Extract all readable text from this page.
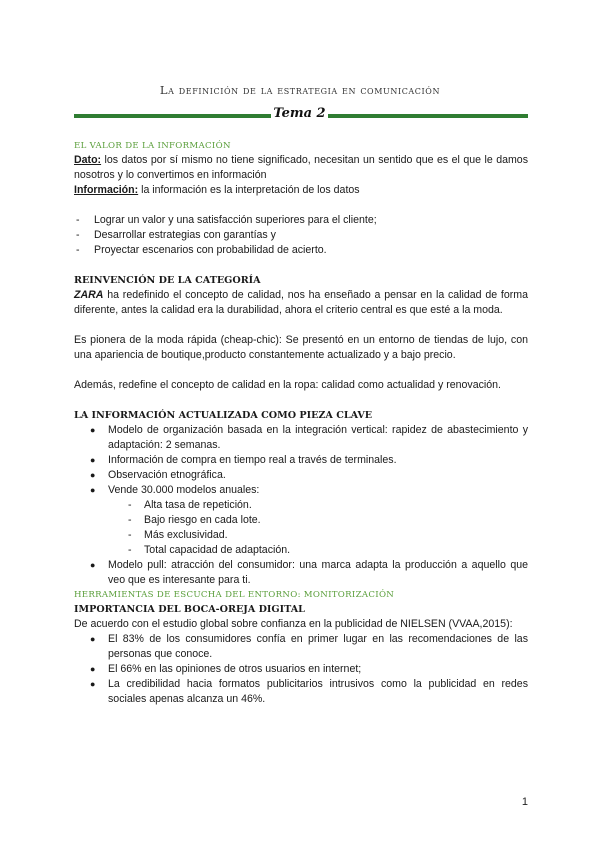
La definición de la estrategia en comunicación
Tema 2
EL VALOR DE LA INFORMACIÓN

Dato: los datos por sí mismo no tiene significado, necesitan un sentido que es el que le damos nosotros y lo convertimos en información

Información: la información es la interpretación de los datos

- Lograr un valor y una satisfacción superiores para el cliente;
- Desarrollar estrategias con garantías y
- Proyectar escenarios con probabilidad de acierto.
REINVENCIÓN DE LA CATEGORÍA

ZARA ha redefinido el concepto de calidad, nos ha enseñado a pensar en la calidad de forma diferente, antes la calidad era la durabilidad, ahora el criterio central es que esté a la moda.

Es pionera de la moda rápida (cheap-chic): Se presentó en un entorno de tiendas de lujo, con una apariencia de boutique,producto constantemente actualizado y a bajo precio.

Además, redefine el concepto de calidad en la ropa: calidad como actualidad y renovación.

LA INFORMACIÓN ACTUALIZADA COMO PIEZA CLAVE
● Modelo de organización basada en la integración vertical: rapidez de abastecimiento y adaptación: 2 semanas.
● Información de compra en tiempo real a través de terminales.
● Observación etnográfica.
● Vende 30.000 modelos anuales:
- Alta tasa de repetición.
- Bajo riesgo en cada lote.
- Más exclusividad.
- Total capacidad de adaptación.
● Modelo pull: atracción del consumidor: una marca adapta la producción a aquello que veo que es interesante para ti.
HERRAMIENTAS DE ESCUCHA DEL ENTORNO: MONITORIZACIÓN
IMPORTANCIA DEL BOCA-OREJA DIGITAL

De acuerdo con el estudio global sobre confianza en la publicidad de NIELSEN (VVAA,2015):

● El 83% de los consumidores confía en primer lugar en las recomendaciones de las personas que conoce.
● El 66% en las opiniones de otros usuarios en internet;
● La credibilidad hacia formatos publicitarios intrusivos como la publicidad en redes sociales apenas alcanza un 46%.
1
